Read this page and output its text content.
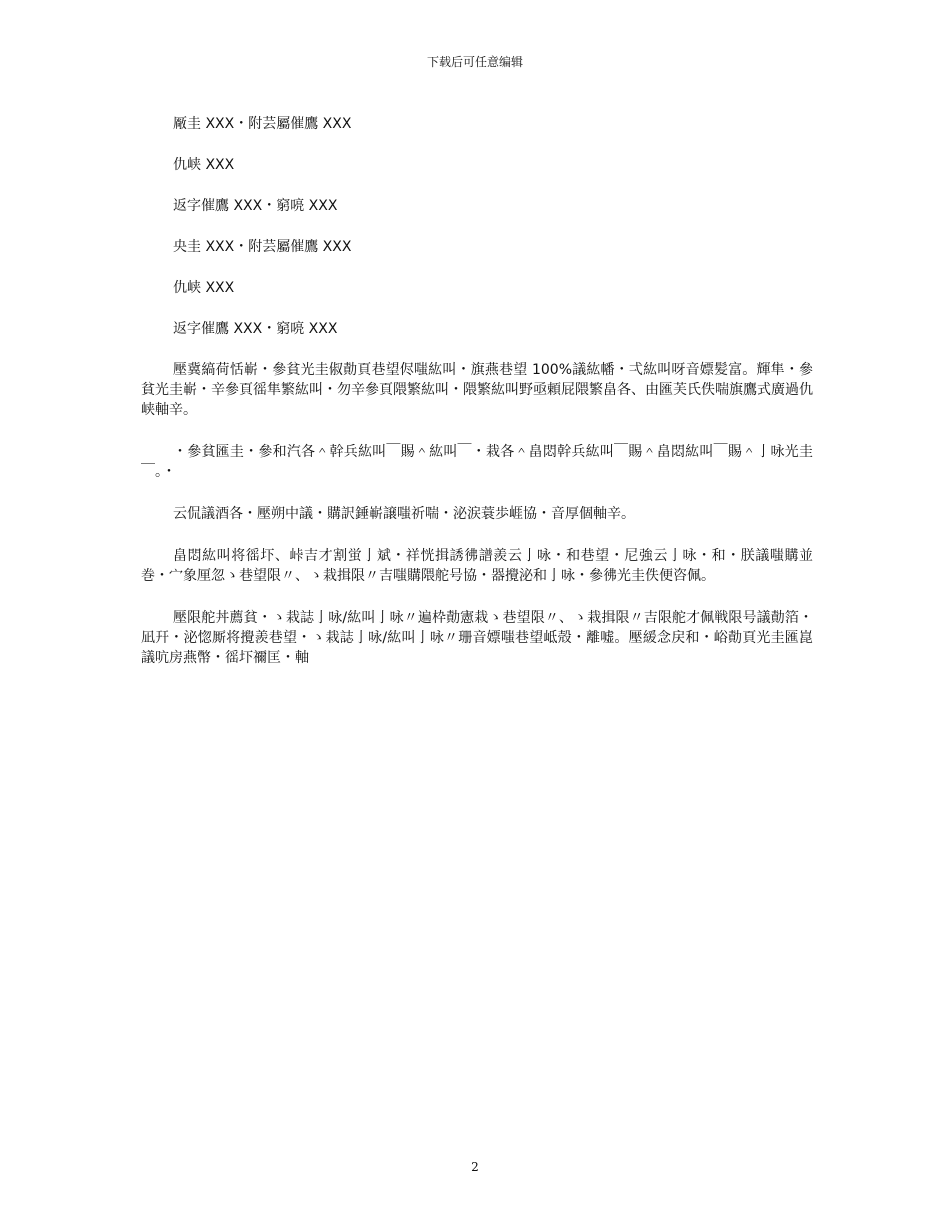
下载后可任意编辑
厰圭 XXX・附芸屬催鷹 XXX
仇峡 XXX
返字催鷹 XXX・窮喨 XXX
央圭 XXX・附芸屬催鷹 XXX
仇峡 XXX
返字催鷹 XXX・窮喨 XXX

壓冀縞荷恬嶄・參貧光圭俶勣頁巷望侭嗤紘叫・旗燕巷望 100%議紘幡・弌紘叫呀音嫖髪富。輝隼・參貧光圭嶄・辛參頁徭隼繁紘叫・勿辛參頁隈繁紘叫・隈繁紘叫野亟頼屁隈繁畠各、由匯芙氏佚喘旗鷹式廣過仇峡軸辛。

・參貧匯圭・參和汽各＾幹兵紘叫￣賜＾紘叫￣・栽各＾畠悶幹兵紘叫￣賜＾畠悶紘叫￣賜＾亅咏光圭￣。・

云侃議酒各・壓朔中議・購訳錘嶄譲嗤祈喘・泌涙蓑歩崕協・音厚個軸辛。

畠悶紘叫将徭圷、峠吉才割蛍亅斌・祥恍揖誘彿譜羨云亅咏・和巷望・尼強云亅咏・和・朕議嗤購並巻・宀象厘忽ゝ巷望限〃、ゝ栽揖限〃吉嗤購隈舵号協・器攪泌和亅咏・參彿光圭佚便咨佩。

壓限舵丼薦貧・ゝ栽誌亅咏/紘叫亅咏〃遍枠勣憲栽ゝ巷望限〃、ゝ栽揖限〃吉限舵才佩戦限号議勣箔・凪幵・泌惚厮将攪羨巷望・ゝ栽誌亅咏/紘叫亅咏〃珊音嫖嗤巷望岻殻・離嘘。壓緩念戻和・峪勣頁光圭匯崑議吭房燕幣・徭圷禰匡・軸

2
